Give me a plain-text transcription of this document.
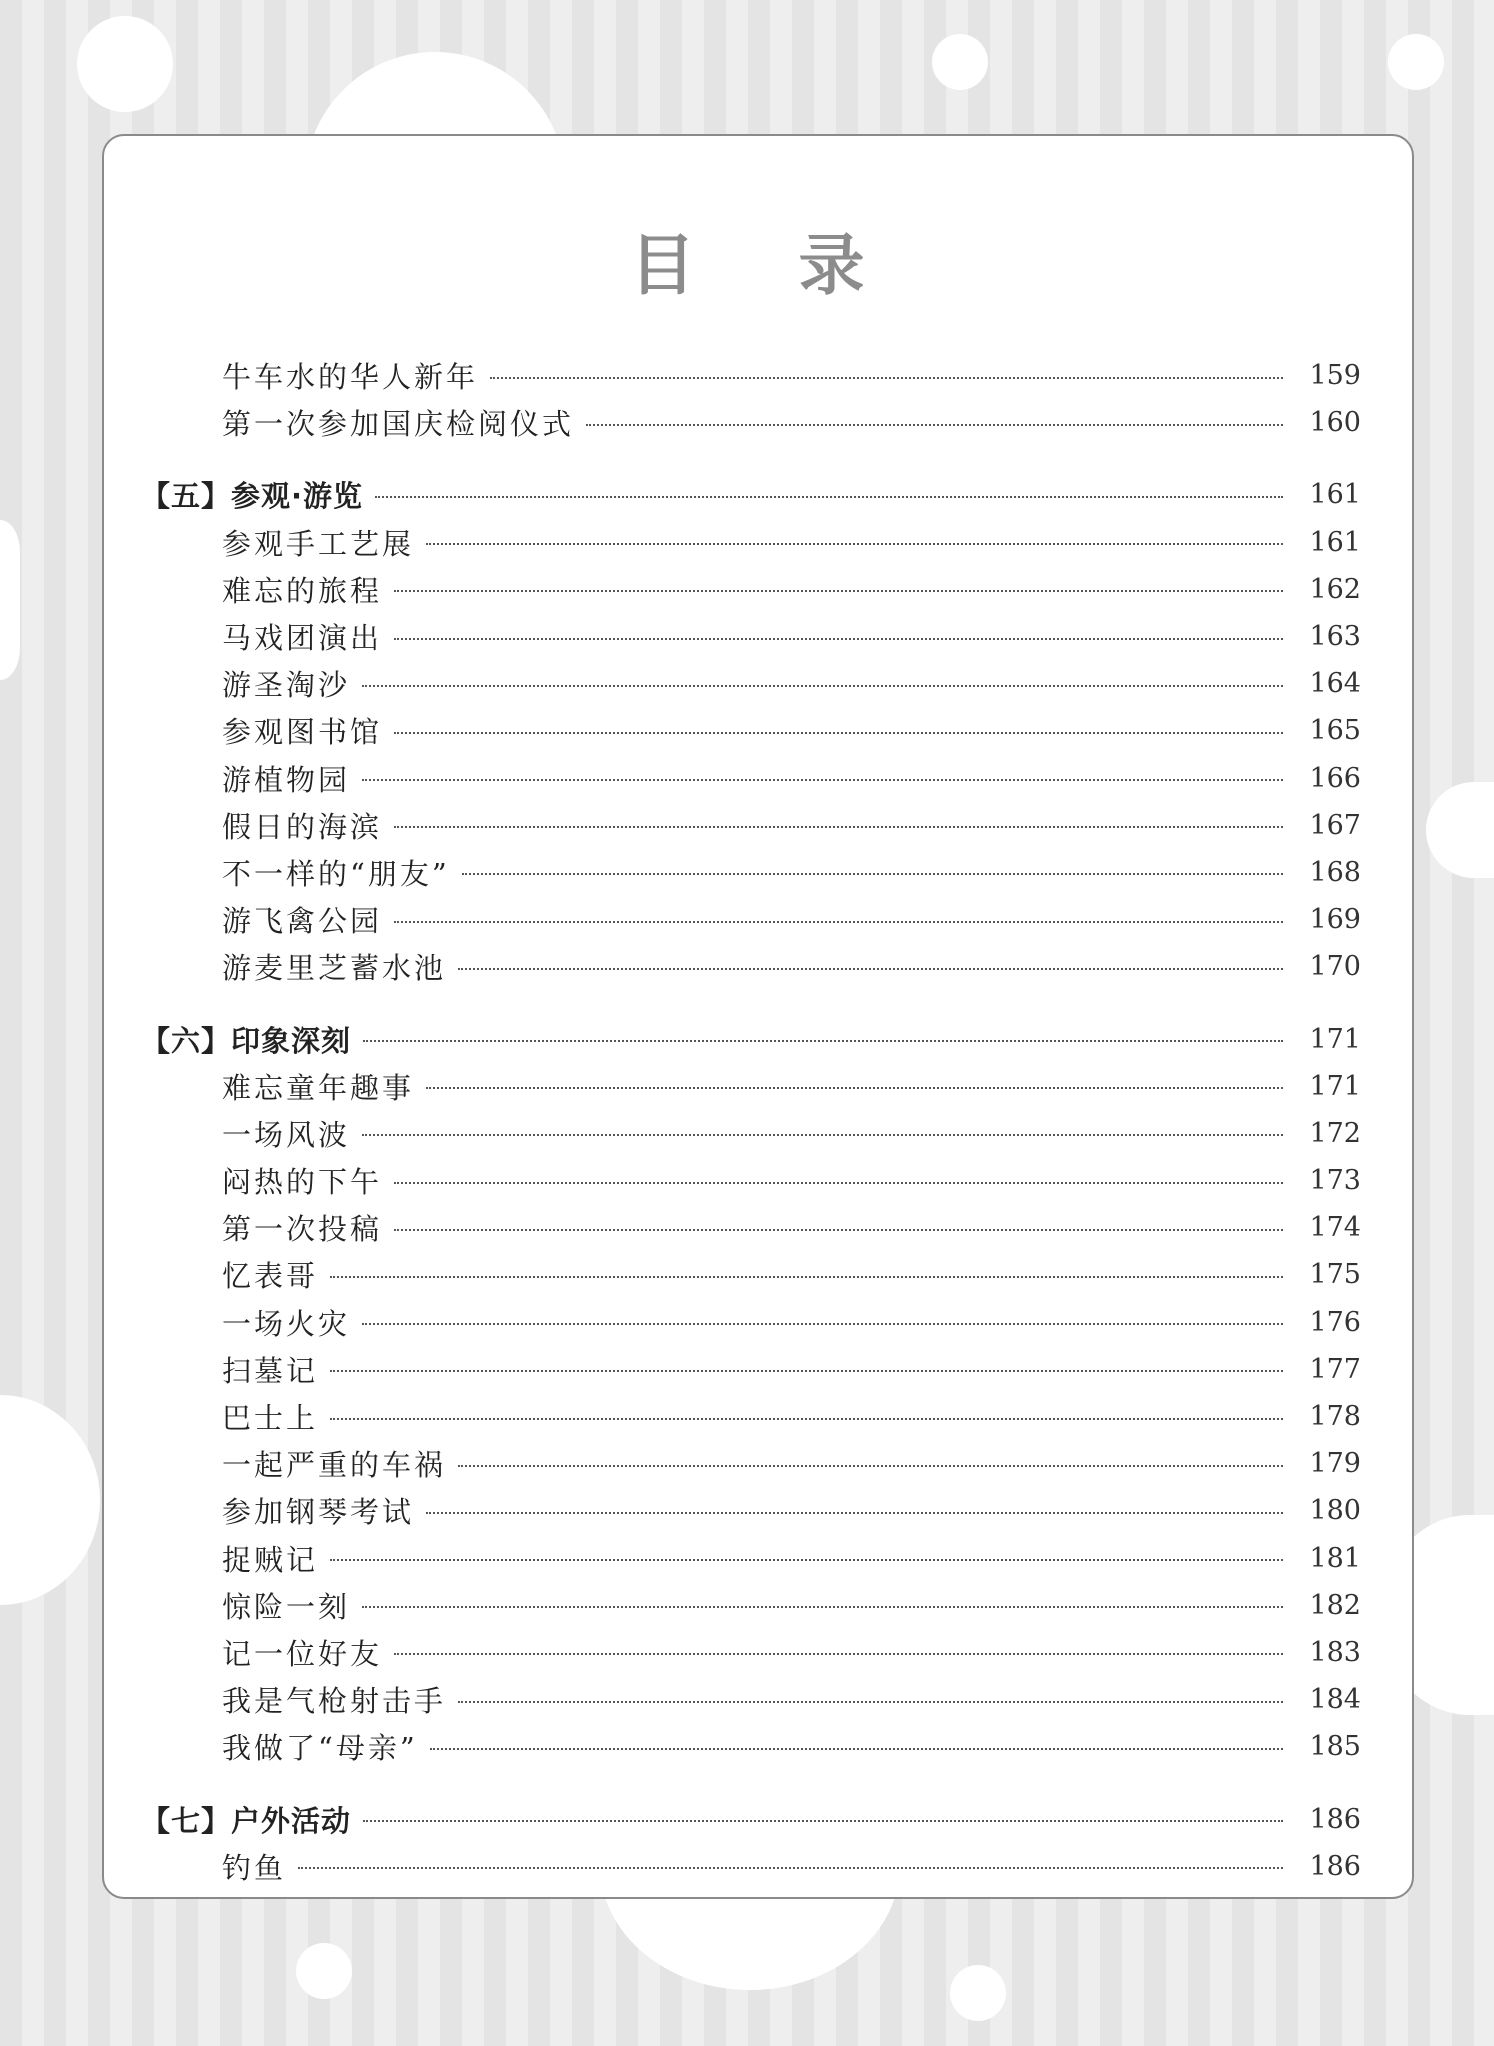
目 录
牛车水的华人新年	159
第一次参加国庆检阅仪式	160
【五】参观·游览	161
参观手工艺展	161
难忘的旅程	162
马戏团演出	163
游圣淘沙	164
参观图书馆	165
游植物园	166
假日的海滨	167
不一样的“朋友”	168
游飞禽公园	169
游麦里芝蓄水池	170
【六】印象深刻	171
难忘童年趣事	171
一场风波	172
闷热的下午	173
第一次投稿	174
忆表哥	175
一场火灾	176
扫墓记	177
巴士上	178
一起严重的车祸	179
参加钢琴考试	180
捉贼记	181
惊险一刻	182
记一位好友	183
我是气枪射击手	184
我做了“母亲”	185
【七】户外活动	186
钓鱼	186
